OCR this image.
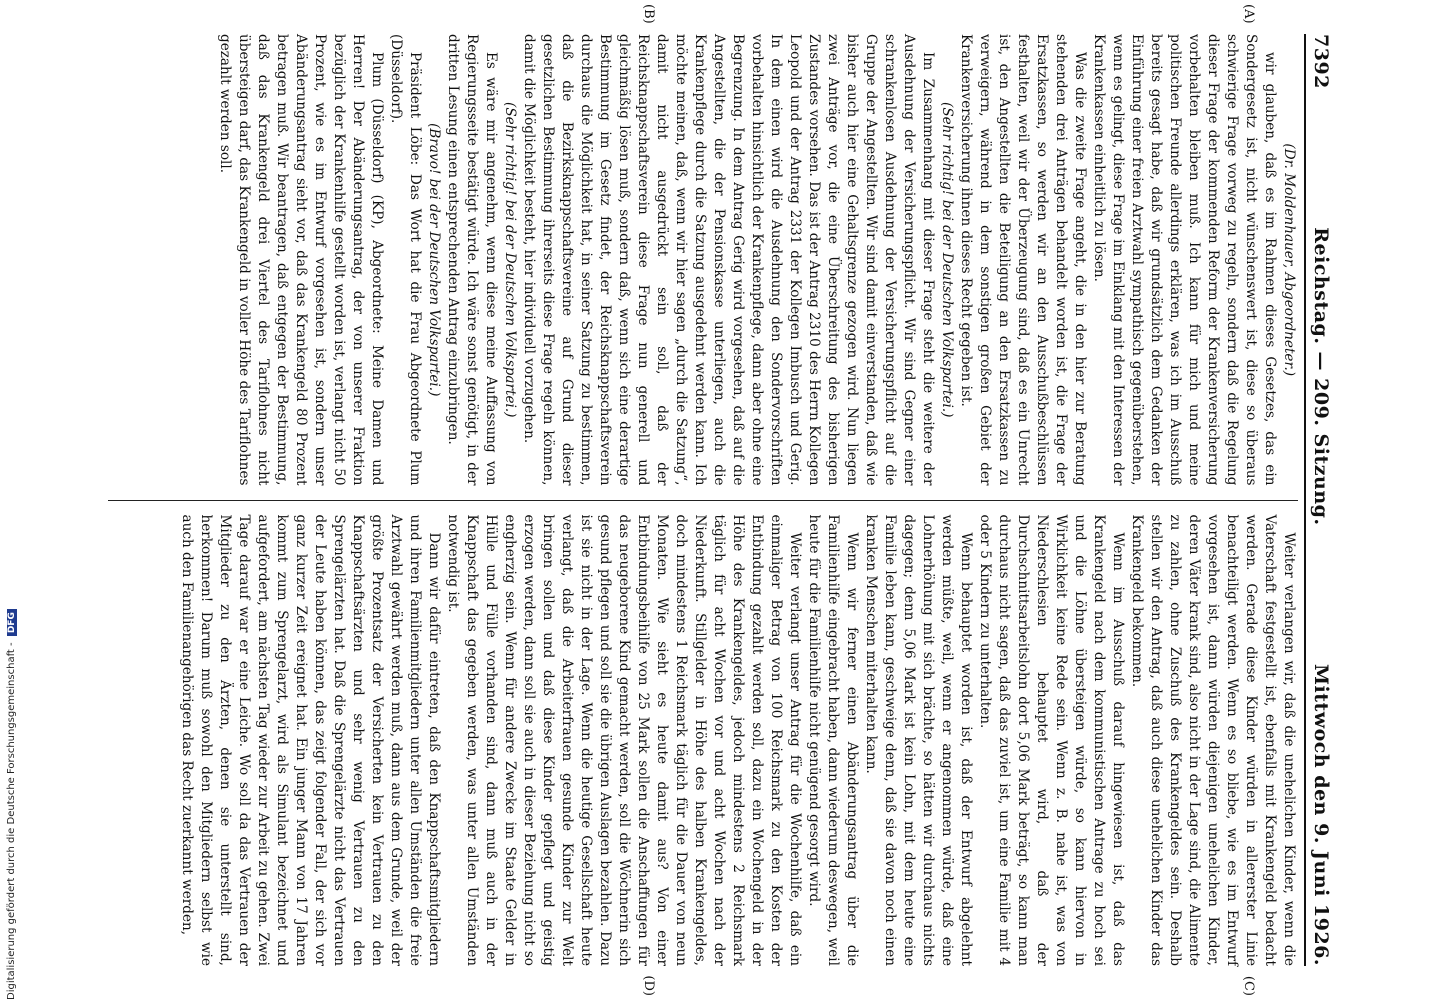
7392
Reichstag. — 209. Sitzung.
Mittwoch den 9. Juni 1926.

(Dr. Moldenhauer, Abgeordneter.)

wir glauben, daß es im Rahmen dieses Gesetzes, das ein Sondergesetz ist, nicht wünschenswert ist, diese so überaus schwierige Frage vorweg zu regeln, sondern daß die Regelung dieser Frage der kommenden Reform der Krankenversicherung vorbehalten bleiben muß. Ich kann für mich und meine politischen Freunde allerdings erklären, was ich im Ausschuß bereits gesagt habe, daß wir grundsätzlich dem Gedanken der Einführung einer freien Arztwahl sympathisch gegenüberstehen, wenn es gelingt, diese Frage im Einklang mit den Interessen der Krankenkassen einheitlich zu lösen.

Was die zweite Frage angeht, die in den hier zur Beratung stehenden drei Anträgen behandelt worden ist, die Frage der Ersatzkassen, so werden wir an den Ausschußbeschlüssen festhalten, weil wir der Überzeugung sind, daß es ein Unrecht ist, den Angestellten die Beteiligung an den Ersatzkassen zu verweigern, während in dem sonstigen großen Gebiet der Krankenversicherung ihnen dieses Recht gegeben ist.

(Sehr richtig! bei der Deutschen Volkspartei.)

Im Zusammenhang mit dieser Frage steht die weitere der Ausdehnung der Versicherungspflicht. Wir sind Gegner einer schrankenlosen Ausdehnung der Versicherungspflicht auf die Gruppe der Angestellten. Wir sind damit einverstanden, daß wie bisher auch hier eine Gehaltsgrenze gezogen wird. Nun liegen zwei Anträge vor, die eine Überschreitung des bisherigen Zustandes vorsehen. Das ist der Antrag 2310 des Herrn Kollegen Leopold und der Antrag 2331 der Kollegen Imbusch und Gerig. In dem einen wird die Ausdehnung den Sondervorschriften vorbehalten hinsichtlich der Krankenpflege, dann aber ohne eine Begrenzung. In dem Antrag Gerig wird vorgesehen, daß auf die Angestellten, die der Pensionskasse unterliegen, auch die Krankenpflege durch die Satzung ausgedehnt werden kann. Ich möchte meinen, daß, wenn wir hier sagen „durch die Satzung“, damit nicht ausgedrückt sein soll, daß der Reichsknappschaftsverein diese Frage nun generell und gleichmäßig lösen muß, sondern daß, wenn sich eine derartige Bestimmung im Gesetz findet, der Reichsknappschaftsverein durchaus die Möglichkeit hat, in seiner Satzung zu bestimmen, daß die Bezirksknappschaftsvereine auf Grund dieser gesetzlichen Bestimmung ihrerseits diese Frage regeln können, damit die Möglichkeit besteht, hier individuell vorzugehen.

(Sehr richtig! bei der Deutschen Volkspartei.)

Es wäre mir angenehm, wenn diese meine Auffassung von Regierungsseite bestätigt würde. Ich wäre sonst genötigt, in der dritten Lesung einen entsprechenden Antrag einzubringen.

(Bravo! bei der Deutschen Volkspartei.)

Präsident Löbe: Das Wort hat die Frau Abgeordnete Plum (Düsseldorf).

Plum (Düsseldorf) (KP), Abgeordnete: Meine Damen und Herren! Der Abänderungsantrag, der von unserer Fraktion bezüglich der Krankenhilfe gestellt worden ist, verlangt nicht 50 Prozent, wie es im Entwurf vorgesehen ist, sondern unser Abänderungsantrag sieht vor, daß das Krankengeld 80 Prozent betragen muß. Wir beantragen, daß entgegen der Bestimmung, daß das Krankengeld drei Viertel des Tariflohnes nicht übersteigen darf, das Krankengeld in voller Höhe des Tariflohnes gezahlt werden soll.

(A)
(B)

Weiter verlangen wir, daß die unehelichen Kinder, wenn die Vaterschaft festgestellt ist, ebenfalls mit Krankengeld bedacht werden. Gerade diese Kinder würden in allererster Linie benachteiligt werden. Wenn es so bliebe, wie es im Entwurf vorgesehen ist, dann würden diejenigen unehelichen Kinder, deren Väter krank sind, also nicht in der Lage sind, die Alimente zu zahlen, ohne Zuschuß des Krankengeldes sein. Deshalb stellen wir den Antrag, daß auch diese unehelichen Kinder das Krankengeld bekommen.

Wenn im Ausschuß darauf hingewiesen ist, daß das Krankengeld nach dem kommunistischen Antrage zu hoch sei und die Löhne übersteigen würde, so kann hiervon in Wirklichkeit keine Rede sein. Wenn z. B. nahe ist, was von Niederschlesien behauptet wird, daß der Durchschnittsarbeitslohn dort 5,06 Mark beträgt, so kann man durchaus nicht sagen, daß das zuviel ist, um eine Familie mit 4 oder 5 Kindern zu unterhalten.

Wenn behauptet worden ist, daß der Entwurf abgelehnt werden müßte, weil, wenn er angenommen würde, daß eine Lohnerhöhung mit sich brächte, so hätten wir durchaus nichts dagegen; denn 5,06 Mark ist kein Lohn, mit dem heute eine Familie leben kann, geschweige denn, daß sie davon noch einen kranken Menschen miterhalten kann.

Wenn wir ferner einen Abänderungsantrag über die Familienhilfe eingebracht haben, dann wiederum deswegen, weil heute für die Familienhilfe nicht genügend gesorgt wird.

Weiter verlangt unser Antrag für die Wochenhilfe, daß ein einmaliger Betrag von 100 Reichsmark zu den Kosten der Entbindung gezahlt werden soll, dazu ein Wochengeld in der Höhe des Krankengeldes, jedoch mindestens 2 Reichsmark täglich für acht Wochen vor und acht Wochen nach der Niederkunft. Stillgelder in Höhe des halben Krankengeldes, doch mindestens 1 Reichsmark täglich für die Dauer von neun Monaten. Wie sieht es heute damit aus? Von einer Entbindungsbeihilfe von 25 Mark sollen die Anschaffungen für das neugeborene Kind gemacht werden, soll die Wöchnerin sich gesund pflegen und soll sie die übrigen Auslagen bezahlen. Dazu ist sie nicht in der Lage. Wenn die heutige Gesellschaft heute verlangt, daß die Arbeiterfrauen gesunde Kinder zur Welt bringen sollen und daß diese Kinder gepflegt und geistig erzogen werden, dann soll sie auch in dieser Beziehung nicht so engherzig sein. Wenn für andere Zwecke im Staate Gelder in Hülle und Fülle vorhanden sind, dann muß auch in der Knappschaft das gegeben werden, was unter allen Umständen notwendig ist.

Dann wir dafür eintreten, daß den Knappschaftsmitgliedern und ihren Familienmitgliedern unter allen Umständen die freie Arztwahl gewährt werden muß, dann aus dem Grunde, weil der größte Prozentsatz der Versicherten kein Vertrauen zu den Knappschaftsärzten und sehr wenig Vertrauen zu den Sprengelärzten hat. Daß die Sprengelärzte nicht das Vertrauen der Leute haben können, das zeigt folgender Fall, der sich vor ganz kurzer Zeit ereignet hat. Ein junger Mann von 17 Jahren kommt zum Sprengelarzt, wird als Simulant bezeichnet und aufgefordert, am nächsten Tag wieder zur Arbeit zu gehen. Zwei Tage darauf war er eine Leiche. Wo soll da das Vertrauen der Mitglieder zu den Ärzten, denen sie unterstellt sind, herkommen! Darum muß sowohl den Mitgliedern selbst wie auch den Familienangehörigen das Recht zuerkannt werden,

(C)
(D)
Digitalisierung gefördert durch die Deutsche Forschungsgemeinschaft - DFG
